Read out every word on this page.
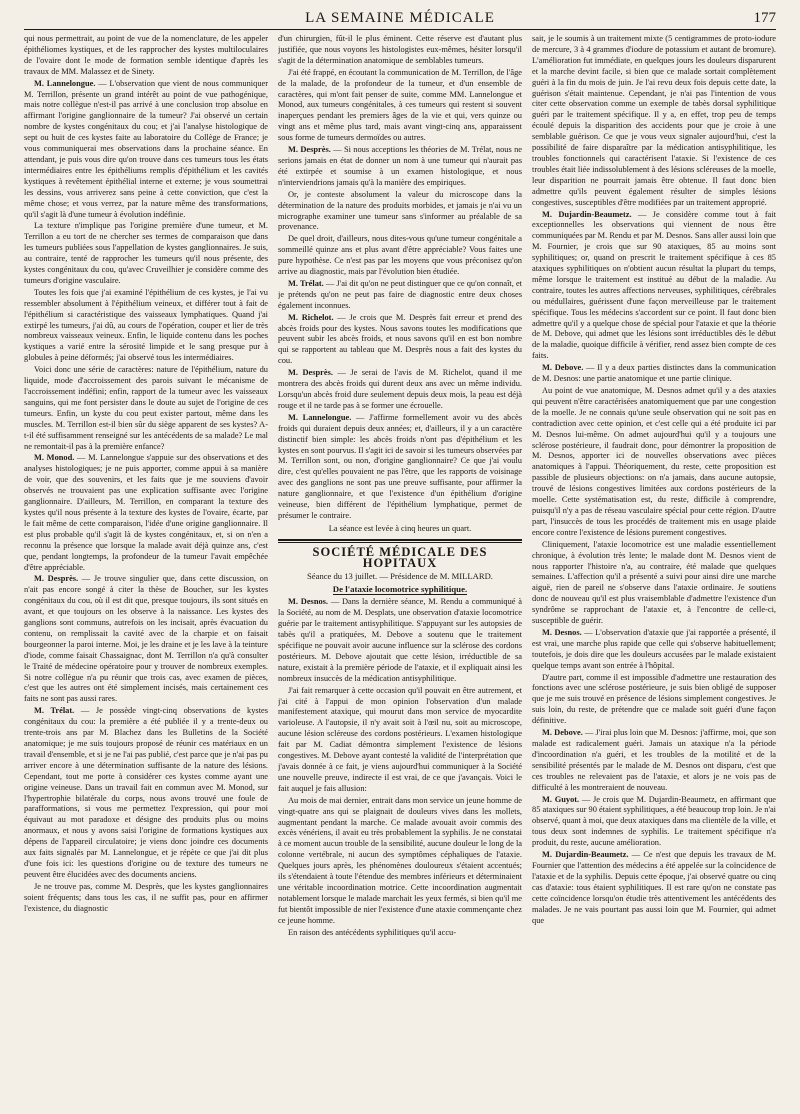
LA SEMAINE MÉDICALE	177

qui nous permettrait, au point de vue de la nomenclature, de les appeler épithéliomes kystiques, et de les rapprocher des kystes multiloculaires de l'ovaire dont le mode de formation semble identique d'après les travaux de MM. Malassez et de Sinety.

M. Lannelongue. — L'observation que vient de nous communiquer M. Terrillon, présente un grand intérêt au point de vue pathogénique, mais notre collègue n'est-il pas arrivé à une conclusion trop absolue en affirmant l'origine ganglionnaire de la tumeur? J'ai observé un certain nombre de kystes congénitaux du cou; et j'ai l'analyse histologique de sept ou huit de ces kystes faite au laboratoire du Collège de France; je vous communiquerai mes observations dans la prochaine séance. En attendant, je puis vous dire qu'on trouve dans ces tumeurs tous les états intermédiaires entre les épithéliums remplis d'épithélium et les cavités kystiques à revêtement épithélial interne et externe; je vous soumettrai les dessins, vous arriverez sans peine à cette conviction, que c'est la même chose; et vous verrez, par la nature même des transformations, qu'il s'agit là d'une tumeur à évolution indéfinie.

La texture n'implique pas l'origine première d'une tumeur, et M. Terrillon a eu tort de ne chercher ses termes de comparaison que dans les tumeurs publiées sous l'appellation de kystes ganglionnaires. Je suis, au contraire, tenté de rapprocher les tumeurs qu'il nous présente, des kystes congénitaux du cou, qu'avec Cruveilhier je considère comme des tumeurs d'origine vasculaire.

Toutes les fois que j'ai examiné l'épithélium de ces kystes, je l'ai vu ressembler absolument à l'épithélium veineux, et différer tout à fait de l'épithélium si caractéristique des vaisseaux lymphatiques. Quand j'ai extirpé les tumeurs, j'ai dû, au cours de l'opération, couper et lier de très nombreux vaisseaux veineux. Enfin, le liquide contenu dans les poches kystiques a varié entre la sérosité limpide et le sang presque pur à globules à peine déformés; j'ai observé tous les intermédiaires.

Voici donc une série de caractères: nature de l'épithélium, nature du liquide, mode d'accroissement des parois suivant le mécanisme de l'accroissement indéfini; enfin, rapport de la tumeur avec les vaisseaux sanguins, qui me font persister dans le doute au sujet de l'origine de ces tumeurs. Enfin, un kyste du cou peut exister partout, même dans les muscles. M. Terrillon est-il bien sûr du siège apparent de ses kystes? A-t-il été suffisamment renseigné sur les antécédents de sa malade? Le mal ne remontait-il pas à la première enfance?

M. Monod. — M. Lannelongue s'appuie sur des observations et des analyses histologiques; je ne puis apporter, comme appui à sa manière de voir, que des souvenirs, et les faits que je me souviens d'avoir observés ne trouvaient pas une explication suffisante avec l'origine ganglionnaire. D'ailleurs, M. Terrillon, en comparant la texture des kystes qu'il nous présente à la texture des kystes de l'ovaire, écarte, par le fait même de cette comparaison, l'idée d'une origine ganglionnaire. Il est plus probable qu'il s'agit là de kystes congénitaux, et, si on n'en a reconnu la présence que lorsque la malade avait déjà quinze ans, c'est que, pendant longtemps, la profondeur de la tumeur l'avait empêchée d'être appréciable.

M. Desprès. — Je trouve singulier que, dans cette discussion, on n'ait pas encore songé à citer la thèse de Boucher, sur les kystes congénitaux du cou, où il est dit que, presque toujours, ils sont situés en avant, et que toujours on les observe à la naissance. Les kystes des ganglions sont communs, autrefois on les incisait, après évacuation du contenu, on remplissait la cavité avec de la charpie et on faisait bourgeonner la paroi interne. Moi, je les draine et je les lave à la teinture d'iode, comme faisait Chassaignac, dont M. Terrillon n'a qu'à consulter le Traité de médecine opératoire pour y trouver de nombreux exemples. Si notre collègue n'a pu réunir que trois cas, avec examen de pièces, c'est que les autres ont été simplement incisés, mais certainement ces faits ne sont pas aussi rares.

M. Trélat. — Je possède vingt-cinq observations de kystes congénitaux du cou: la première a été publiée il y a trente-deux ou trente-trois ans par M. Blachez dans les Bulletins de la Société anatomique; je me suis toujours proposé de réunir ces matériaux en un travail d'ensemble, et si je ne l'ai pas publié, c'est parce que je n'ai pas pu arriver encore à une détermination suffisante de la nature des lésions. Cependant, tout me porte à considérer ces kystes comme ayant une origine veineuse. Dans un travail fait en commun avec M. Monod, sur l'hypertrophie bilatérale du corps, nous avons trouvé une foule de parafformations, si vous me permettez l'expression, qui pour moi équivaut au mot paradoxe et désigne des produits plus ou moins anormaux, et nous y avons saisi l'origine de formations kystiques aux dépens de l'appareil circulatoire; je viens donc joindre ces documents aux faits signalés par M. Lannelongue, et je répète ce que j'ai dit plus d'une fois ici: les questions d'origine ou de texture des tumeurs ne peuvent être élucidées avec des documents anciens.

Je ne trouve pas, comme M. Desprès, que les kystes ganglionnaires soient fréquents; dans tous les cas, il ne suffit pas, pour en affirmer l'existence, du diagnostic

d'un chirurgien, fût-il le plus éminent. Cette réserve est d'autant plus justifiée, que nous voyons les histologistes eux-mêmes, hésiter lorsqu'il s'agit de la détermination anatomique de semblables tumeurs.

J'ai été frappé, en écoutant la communication de M. Terrillon, de l'âge de la malade, de la profondeur de la tumeur, et d'un ensemble de caractères, qui m'ont fait penser de suite, comme MM. Lannelongue et Monod, aux tumeurs congénitales, à ces tumeurs qui restent si souvent inaperçues pendant les premiers âges de la vie et qui, vers quinze ou vingt ans et même plus tard, mais avant vingt-cinq ans, apparaissent sous forme de tumeurs dermoïdes ou autres.

M. Desprès. — Si nous acceptions les théories de M. Trélat, nous ne serions jamais en état de donner un nom à une tumeur qui n'aurait pas été extirpée et soumise à un examen histologique, et nous n'interviendrions jamais qu'à la manière des empiriques.

Or, je conteste absolument la valeur du microscope dans la détermination de la nature des produits morbides, et jamais je n'ai vu un micrographe examiner une tumeur sans s'informer au préalable de sa provenance.

De quel droit, d'ailleurs, nous dites-vous qu'une tumeur congénitale a sommeillé quinze ans et plus avant d'être appréciable? Vous faites une pure hypothèse. Ce n'est pas par les moyens que vous préconisez qu'on arrive au diagnostic, mais par l'évolution bien étudiée.

M. Trélat. — J'ai dit qu'on ne peut distinguer que ce qu'on connaît, et je prétends qu'on ne peut pas faire de diagnostic entre deux choses également inconnues.

M. Richelot. — Je crois que M. Desprès fait erreur et prend des abcès froids pour des kystes. Nous savons toutes les modifications que peuvent subir les abcès froids, et nous savons qu'il en est bon nombre qui se rapportent au tableau que M. Desprès nous a fait des kystes du cou.

M. Desprès. — Je serai de l'avis de M. Richelot, quand il me montrera des abcès froids qui durent deux ans avec un même individu. Lorsqu'un abcès froid dure seulement depuis deux mois, la peau est déjà rouge et il ne tarde pas à se former une écrouelle.

M. Lannelongue. — J'affirme formellement avoir vu des abcès froids qui duraient depuis deux années; et, d'ailleurs, il y a un caractère distinctif bien simple: les abcès froids n'ont pas d'épithélium et les kystes en sont pourvus. Il s'agit ici de savoir si les tumeurs observées par M. Terrillon sont, ou non, d'origine ganglionnaire? Ce que j'ai voulu dire, c'est qu'elles pouvaient ne pas l'être, que les rapports de voisinage avec des ganglions ne sont pas une preuve suffisante, pour affirmer la nature ganglionnaire, et que l'existence d'un épithélium d'origine veineuse, bien différent de l'épithélium lymphatique, permet de présumer le contraire.

La séance est levée à cinq heures un quart.

SOCIÉTÉ MÉDICALE DES HOPITAUX
Séance du 13 juillet. — Présidence de M. MILLARD.
De l'ataxie locomotrice syphilitique.

M. Desnos. — Dans la dernière séance, M. Rendu a communiqué à la Société, au nom de M. Desplats, une observation d'ataxie locomotrice guérie par le traitement antisyphilitique. S'appuyant sur les autopsies de tabès qu'il a pratiquées, M. Debove a soutenu que le traitement spécifique ne pouvait avoir aucune influence sur la sclérose des cordons postérieurs. M. Debove ajoutait que cette lésion, irréductible de sa nature, existait à la première période de l'ataxie, et il expliquait ainsi les nombreux insuccès de la médication antisyphilitique.

J'ai fait remarquer à cette occasion qu'il pouvait en être autrement, et j'ai cité à l'appui de mon opinion l'observation d'un malade manifestement ataxique, qui mourut dans mon service de myocardite varioleuse. A l'autopsie, il n'y avait soit à l'œil nu, soit au microscope, aucune lésion scléreuse des cordons postérieurs. L'examen histologique fait par M. Cadiat démontra simplement l'existence de lésions congestives. M. Debove ayant contesté la validité de l'interprétation que j'avais donnée à ce fait, je viens aujourd'hui communiquer à la Société une nouvelle preuve, indirecte il est vrai, de ce que j'avançais. Voici le fait auquel je fais allusion:

Au mois de mai dernier, entrait dans mon service un jeune homme de vingt-quatre ans qui se plaignait de douleurs vives dans les mollets, augmentant pendant la marche. Ce malade avouait avoir commis des excès vénériens, il avait eu très probablement la syphilis. Je ne constatai à ce moment aucun trouble de la sensibilité, aucune douleur le long de la colonne vertébrale, ni aucun des symptômes céphaliques de l'ataxie. Quelques jours après, les phénomènes douloureux s'étaient accentués; ils s'étendaient à toute l'étendue des membres inférieurs et déterminaient une véritable incoordination motrice. Cette incoordination augmentait notablement lorsque le malade marchait les yeux fermés, si bien qu'il me fut bientôt impossible de nier l'existence d'une ataxie commençante chez ce jeune homme.

En raison des antécédents syphilitiques qu'il accu-

sait, je le soumis à un traitement mixte (5 centigrammes de proto-iodure de mercure, 3 à 4 grammes d'iodure de potassium et autant de bromure). L'amélioration fut immédiate, en quelques jours les douleurs disparurent et la marche devint facile, si bien que ce malade sortait complètement guéri à la fin du mois de juin. Je l'ai revu deux fois depuis cette date, la guérison s'était maintenue. Cependant, je n'ai pas l'intention de vous citer cette observation comme un exemple de tabès dorsal syphilitique guéri par le traitement spécifique. Il y a, en effet, trop peu de temps écoulé depuis la disparition des accidents pour que je croie à une semblable guérison. Ce que je vous veux signaler aujourd'hui, c'est la possibilité de faire disparaître par la médication antisyphilitique, les troubles fonctionnels qui caractérisent l'ataxie. Si l'existence de ces troubles était liée indissolublement à des lésions scléreuses de la moelle, leur disparition ne pourrait jamais être obtenue. Il faut donc bien admettre qu'ils peuvent également résulter de simples lésions congestives, susceptibles d'être modifiées par un traitement approprié.

M. Dujardin-Beaumetz. — Je considère comme tout à fait exceptionnelles les observations qui viennent de nous être communiquées par M. Rendu et par M. Desnos. Sans aller aussi loin que M. Fournier, je crois que sur 90 ataxiques, 85 au moins sont syphilitiques; or, quand on prescrit le traitement spécifique à ces 85 ataxiques syphilitiques on n'obtient aucun résultat la plupart du temps, même lorsque le traitement est institué au début de la maladie. Au contraire, toutes les autres affections nerveuses, syphilitiques, cérébrales ou médullaires, guérissent d'une façon merveilleuse par le traitement spécifique. Tous les médecins s'accordent sur ce point. Il faut donc bien admettre qu'il y a quelque chose de spécial pour l'ataxie et que la théorie de M. Debove, qui admet que les lésions sont irréductibles dès le début de la maladie, quoique difficile à vérifier, rend assez bien compte de ces faits.

M. Debove. — Il y a deux parties distinctes dans la communication de M. Desnos: une partie anatomique et une partie clinique.

Au point de vue anatomique, M. Desnos admet qu'il y a des ataxies qui peuvent n'être caractérisées anatomiquement que par une congestion de la moelle. Je ne connais qu'une seule observation qui ne soit pas en contradiction avec cette opinion, et c'est celle qui a été produite ici par M. Desnos lui-même. On admet aujourd'hui qu'il y a toujours une sclérose postérieure, il faudrait donc, pour démontrer la proposition de M. Desnos, apporter ici de nouvelles observations avec pièces anatomiques à l'appui. Théoriquement, du reste, cette proposition est passible de plusieurs objections: on n'a jamais, dans aucune autopsie, trouvé de lésions congestives limitées aux cordons postérieurs de la moelle. Cette systématisation est, du reste, difficile à comprendre, puisqu'il n'y a pas de réseau vasculaire spécial pour cette région. D'autre part, l'insuccès de tous les procédés de traitement mis en usage plaide encore contre l'existence de lésions purement congestives.

Cliniquement, l'ataxie locomotrice est une maladie essentiellement chronique, à évolution très lente; le malade dont M. Desnos vient de nous rapporter l'histoire n'a, au contraire, été malade que quelques semaines. L'affection qu'il a présenté a suivi pour ainsi dire une marche aiguë, rien de pareil ne s'observe dans l'ataxie ordinaire. Je soutiens donc de nouveau qu'il est plus vraisemblable d'admettre l'existence d'un syndrôme se rapprochant de l'ataxie et, à l'encontre de celle-ci, susceptible de guérir.

M. Desnos. — L'observation d'ataxie que j'ai rapportée a présenté, il est vrai, une marche plus rapide que celle qui s'observe habituellement; toutefois, je dois dire que les douleurs accusées par le malade existaient quelque temps avant son entrée à l'hôpital.

D'autre part, comme il est impossible d'admettre une restauration des fonctions avec une sclérose postérieure, je suis bien obligé de supposer que je me suis trouvé en présence de lésions simplement congestives. Je suis loin, du reste, de prétendre que ce malade soit guéri d'une façon définitive.

M. Debove. — J'irai plus loin que M. Desnos: j'affirme, moi, que son malade est radicalement guéri. Jamais un ataxique n'a la période d'incoordination n'a guéri, et les troubles de la motilité et de la sensibilité présentés par le malade de M. Desnos ont disparu, c'est que ces troubles ne relevaient pas de l'ataxie, et alors je ne vois pas de difficulté à les montreraient de nouveau.

M. Guyot. — Je crois que M. Dujardin-Beaumetz, en affirmant que 85 ataxiques sur 90 étaient syphilitiques, a été beaucoup trop loin. Je n'ai observé, quant à moi, que deux ataxiques dans ma clientèle de la ville, et tous deux sont indemnes de syphilis. Le traitement spécifique n'a produit, du reste, aucune amélioration.

M. Dujardin-Beaumetz. — Ce n'est que depuis les travaux de M. Fournier que l'attention des médecins a été appelée sur la coïncidence de l'ataxie et de la syphilis. Depuis cette époque, j'ai observé quatre ou cinq cas d'ataxie: tous étaient syphilitiques. Il est rare qu'on ne constate pas cette coïncidence lorsqu'on étudie très attentivement les antécédents des malades. Je ne vais pourtant pas aussi loin que M. Fournier, qui admet que
